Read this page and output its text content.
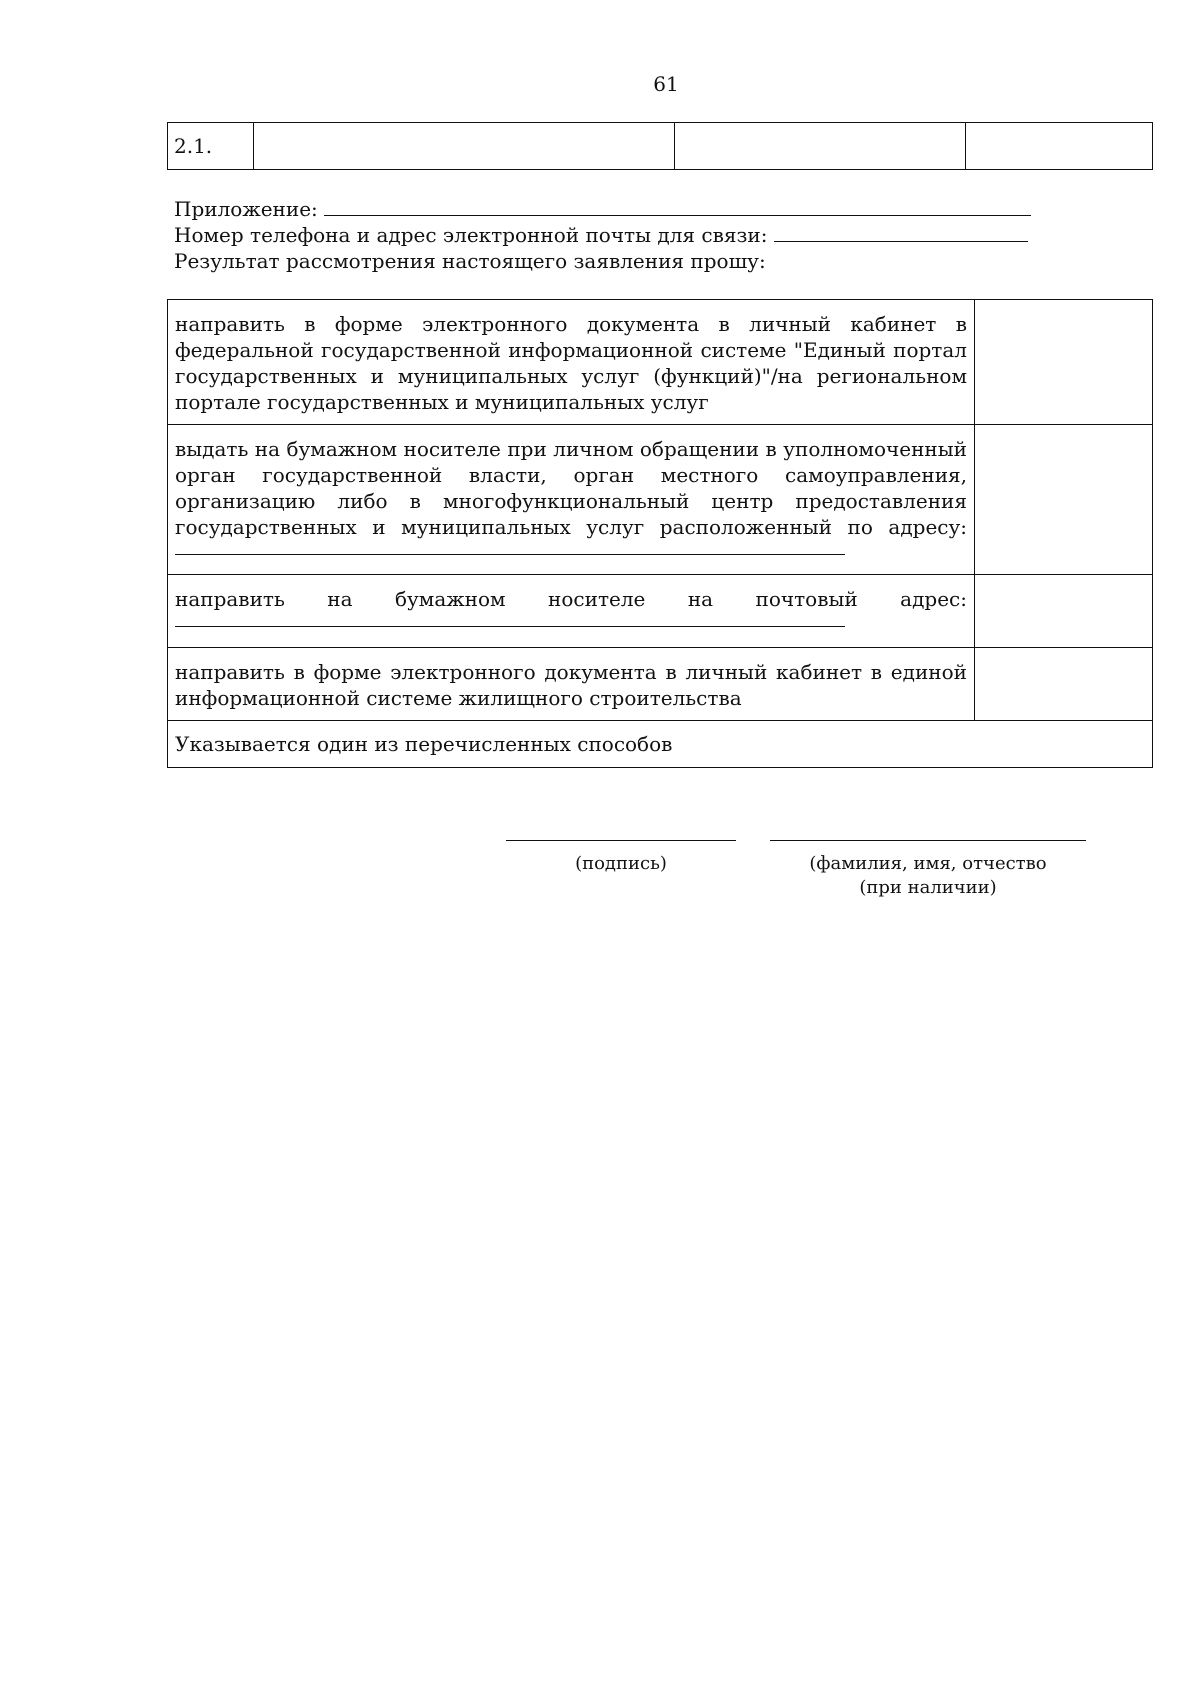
61
2.1.			
Приложение:
Номер телефона и адрес электронной почты для связи:
Результат рассмотрения настоящего заявления прошу:
направить в форме электронного документа в личный кабинет в федеральной государственной информационной системе "Единый портал государственных и муниципальных услуг (функций)"/на региональном портале государственных и муниципальных услуг	
выдать на бумажном носителе при личном обращении в уполномоченный орган государственной власти, орган местного самоуправления, организацию либо в многофункциональный центр предоставления государственных и муниципальных услуг расположенный по адресу:

направить на бумажном носителе на почтовый адрес:

направить в форме электронного документа в личный кабинет в единой информационной системе жилищного строительства	
Указывается один из перечисленных способов	
(подпись)	(фамилия, имя, отчество (при наличии)
